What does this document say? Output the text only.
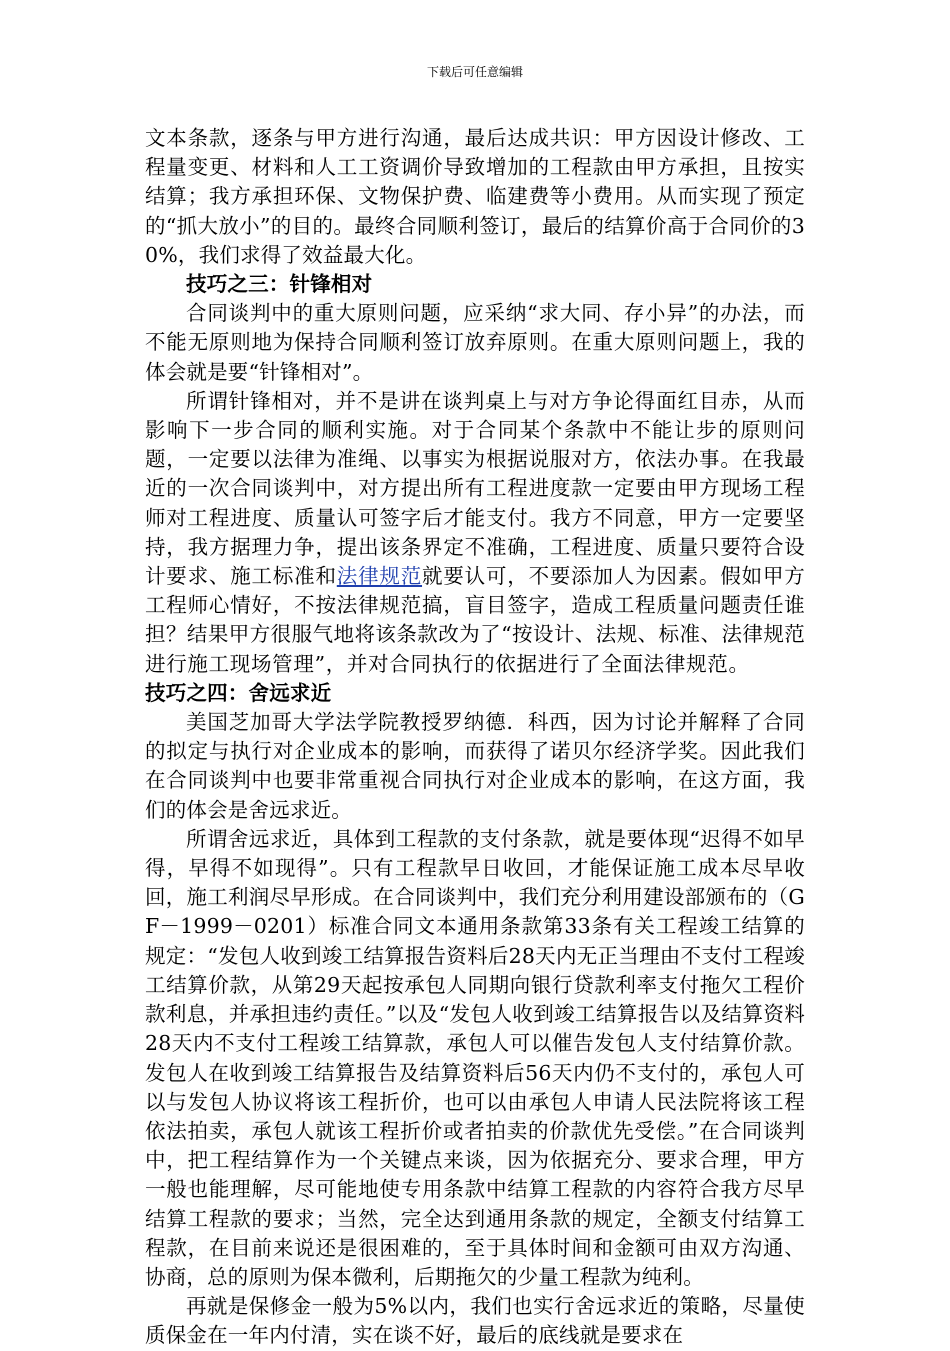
下载后可任意编辑

文本条款，逐条与甲方进行沟通，最后达成共识：甲方因设计修改、工程量变更、材料和人工工资调价导致增加的工程款由甲方承担，且按实结算；我方承担环保、文物保护费、临建费等小费用。从而实现了预定的“抓大放小”的目的。最终合同顺利签订，最后的结算价高于合同价的30%，我们求得了效益最大化。

技巧之三：针锋相对

合同谈判中的重大原则问题，应采纳“求大同、存小异”的办法，而不能无原则地为保持合同顺利签订放弃原则。在重大原则问题上，我的体会就是要“针锋相对”。

所谓针锋相对，并不是讲在谈判桌上与对方争论得面红目赤，从而影响下一步合同的顺利实施。对于合同某个条款中不能让步的原则问题，一定要以法律为准绳、以事实为根据说服对方，依法办事。在我最近的一次合同谈判中，对方提出所有工程进度款一定要由甲方现场工程师对工程进度、质量认可签字后才能支付。我方不同意，甲方一定要坚持，我方据理力争，提出该条界定不准确，工程进度、质量只要符合设计要求、施工标准和法律规范就要认可，不要添加人为因素。假如甲方工程师心情好，不按法律规范搞，盲目签字，造成工程质量问题责任谁担？结果甲方很服气地将该条款改为了“按设计、法规、标准、法律规范进行施工现场管理”，并对合同执行的依据进行了全面法律规范。技巧之四：舍远求近

美国芝加哥大学法学院教授罗纳德．科西，因为讨论并解释了合同的拟定与执行对企业成本的影响，而获得了诺贝尔经济学奖。因此我们在合同谈判中也要非常重视合同执行对企业成本的影响，在这方面，我们的体会是舍远求近。

所谓舍远求近，具体到工程款的支付条款，就是要体现“迟得不如早得，早得不如现得”。只有工程款早日收回，才能保证施工成本尽早收回，施工利润尽早形成。在合同谈判中，我们充分利用建设部颁布的（GF－1999－0201）标准合同文本通用条款第33条有关工程竣工结算的规定：“发包人收到竣工结算报告资料后28天内无正当理由不支付工程竣工结算价款，从第29天起按承包人同期向银行贷款利率支付拖欠工程价款利息，并承担违约责任。”以及“发包人收到竣工结算报告以及结算资料28天内不支付工程竣工结算款，承包人可以催告发包人支付结算价款。发包人在收到竣工结算报告及结算资料后56天内仍不支付的，承包人可以与发包人协议将该工程折价，也可以由承包人申请人民法院将该工程依法拍卖，承包人就该工程折价或者拍卖的价款优先受偿。”在合同谈判中，把工程结算作为一个关键点来谈，因为依据充分、要求合理，甲方一般也能理解，尽可能地使专用条款中结算工程款的内容符合我方尽早结算工程款的要求；当然，完全达到通用条款的规定，全额支付结算工程款，在目前来说还是很困难的，至于具体时间和金额可由双方沟通、协商，总的原则为保本微利，后期拖欠的少量工程款为纯利。

再就是保修金一般为5%以内，我们也实行舍远求近的策略，尽量使质保金在一年内付清，实在谈不好，最后的底线就是要求在
